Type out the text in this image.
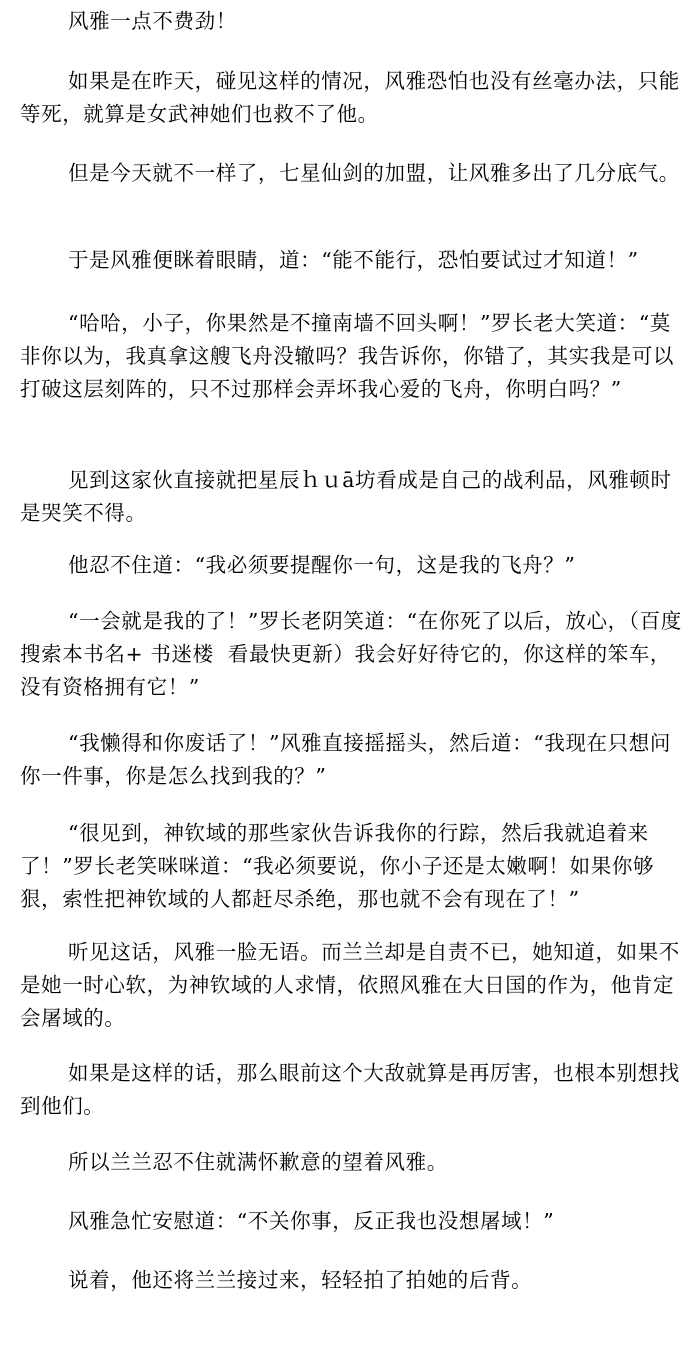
风雅一点不费劲！

如果是在昨天，碰见这样的情况，风雅恐怕也没有丝毫办法，只能等死，就算是女武神她们也救不了他。

但是今天就不一样了，七星仙剑的加盟，让风雅多出了几分底气。

于是风雅便眯着眼睛，道：“能不能行，恐怕要试过才知道！”

“哈哈，小子，你果然是不撞南墙不回头啊！”罗长老大笑道：“莫非你以为，我真拿这艘飞舟没辙吗？我告诉你，你错了，其实我是可以打破这层刻阵的，只不过那样会弄坏我心爱的飞舟，你明白吗？”

见到这家伙直接就把星辰ｈｕā坊看成是自己的战利品，风雅顿时是哭笑不得。

他忍不住道：“我必须要提醒你一句，这是我的飞舟？”

“一会就是我的了！”罗长老阴笑道：“在你死了以后，放心，（百度搜索本书名+ 书迷楼  看最快更新）我会好好待它的，你这样的笨车，没有资格拥有它！”

“我懒得和你废话了！”风雅直接摇摇头，然后道：“我现在只想问你一件事，你是怎么找到我的？”

“很见到，神钦域的那些家伙告诉我你的行踪，然后我就追着来了！”罗长老笑咪咪道：“我必须要说，你小子还是太嫩啊！如果你够狠，索性把神钦域的人都赶尽杀绝，那也就不会有现在了！”

听见这话，风雅一脸无语。而兰兰却是自责不已，她知道，如果不是她一时心软，为神钦域的人求情，依照风雅在大日国的作为，他肯定会屠域的。

如果是这样的话，那么眼前这个大敌就算是再厉害，也根本别想找到他们。

所以兰兰忍不住就满怀歉意的望着风雅。

风雅急忙安慰道：“不关你事，反正我也没想屠域！”

说着，他还将兰兰接过来，轻轻拍了拍她的后背。
